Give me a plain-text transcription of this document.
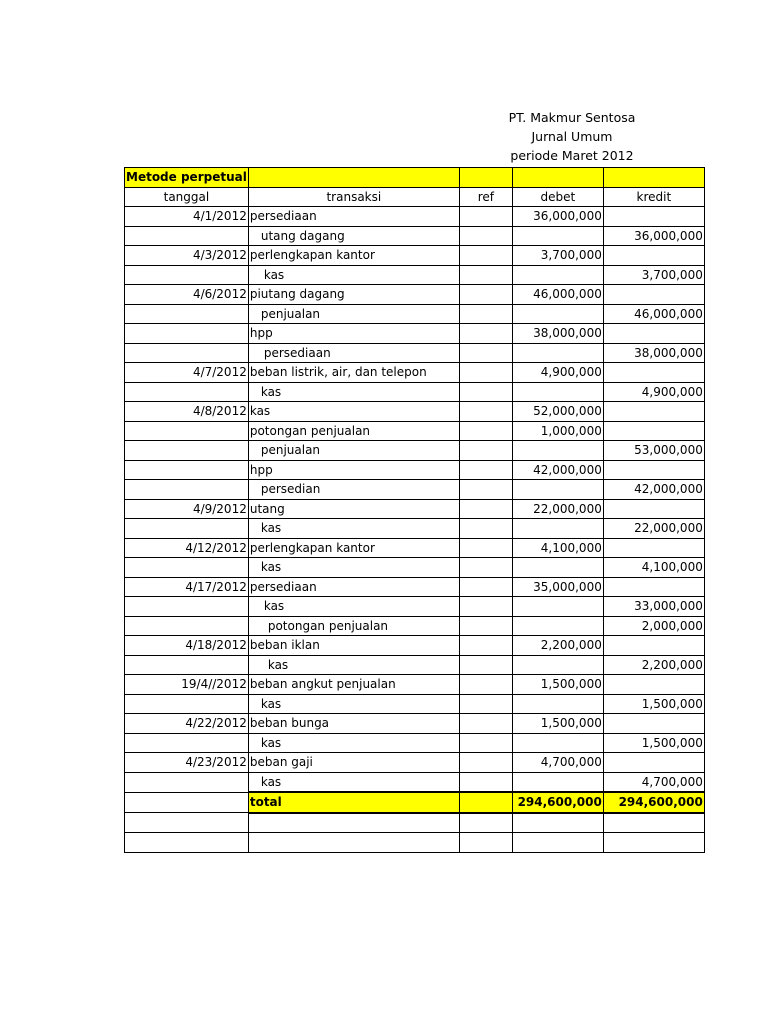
PT. Makmur Sentosa
Jurnal Umum
periode Maret 2012
Metode perpetual				
tanggal	transaksi	ref	debet	kredit
4/1/2012	persediaan		36,000,000	
	utang dagang			36,000,000
4/3/2012	perlengkapan kantor		3,700,000	
	kas			3,700,000
4/6/2012	piutang dagang		46,000,000	
	penjualan			46,000,000
	hpp		38,000,000	
	persediaan			38,000,000
4/7/2012	beban listrik, air, dan telepon		4,900,000	
	kas			4,900,000
4/8/2012	kas		52,000,000	
	potongan penjualan		1,000,000	
	penjualan			53,000,000
	hpp		42,000,000	
	persedian			42,000,000
4/9/2012	utang		22,000,000	
	kas			22,000,000
4/12/2012	perlengkapan kantor		4,100,000	
	kas			4,100,000
4/17/2012	persediaan		35,000,000	
	kas			33,000,000
	potongan penjualan			2,000,000
4/18/2012	beban iklan		2,200,000	
	kas			2,200,000
19/4//2012	beban angkut penjualan		1,500,000	
	kas			1,500,000
4/22/2012	beban bunga		1,500,000	
	kas			1,500,000
4/23/2012	beban gaji		4,700,000	
	kas			4,700,000
	total		294,600,000	294,600,000
